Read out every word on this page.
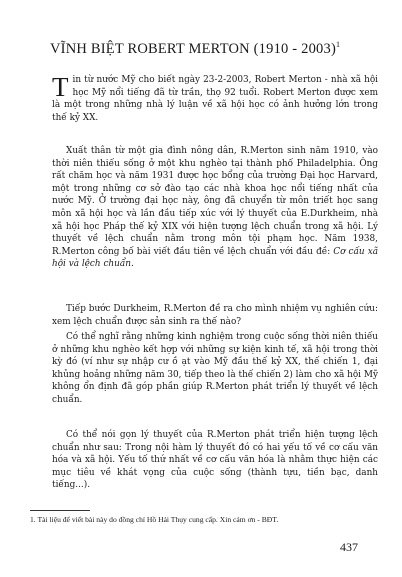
VĨNH BIỆT ROBERT MERTON (1910 - 2003)$^1$

Tin từ nước Mỹ cho biết ngày 23-2-2003, Robert Merton - nhà xã hội học Mỹ nổi tiếng đã từ trần, thọ 92 tuổi. Robert Merton được xem là một trong những nhà lý luận về xã hội học có ảnh hưởng lớn trong thế kỷ XX.

Xuất thân từ một gia đình nông dân, R.Merton sinh năm 1910, vào thời niên thiếu sống ở một khu nghèo tại thành phố Philadelphia. Ông rất chăm học và năm 1931 được học bổng của trường Đại học Harvard, một trong những cơ sở đào tạo các nhà khoa học nổi tiếng nhất của nước Mỹ. Ở trường đại học này, ông đã chuyển từ môn triết học sang môn xã hội học và lần đầu tiếp xúc với lý thuyết của E.Durkheim, nhà xã hội học Pháp thế kỷ XIX với hiện tượng lệch chuẩn trong xã hội. Lý thuyết về lệch chuẩn nằm trong môn tội phạm học. Năm 1938, R.Merton công bố bài viết đầu tiên về lệch chuẩn với đầu đề: Cơ cấu xã hội và lệch chuẩn.

Tiếp bước Durkheim, R.Merton đề ra cho mình nhiệm vụ nghiên cứu: xem lệch chuẩn được sản sinh ra thế nào?

Có thể nghĩ rằng những kinh nghiệm trong cuộc sống thời niên thiếu ở những khu nghèo kết hợp với những sự kiện kinh tế, xã hội trong thời kỳ đó (ví như sự nhập cư ồ ạt vào Mỹ đầu thế kỷ XX, thế chiến 1, đại khủng hoảng những năm 30, tiếp theo là thế chiến 2) làm cho xã hội Mỹ không ổn định đã góp phần giúp R.Merton phát triển lý thuyết về lệch chuẩn.

Có thể nói gọn lý thuyết của R.Merton phát triển hiện tượng lệch chuẩn như sau: Trong nội hàm lý thuyết đó có hai yếu tố về cơ cấu văn hóa và xã hội. Yếu tố thứ nhất về cơ cấu văn hóa là nhằm thực hiện các mục tiêu về khát vọng của cuộc sống (thành tựu, tiền bạc, danh tiếng...).

1. Tài liệu để viết bài này do đồng chí Hồ Hải Thụy cung cấp. Xin cảm ơn - BĐT.
437
